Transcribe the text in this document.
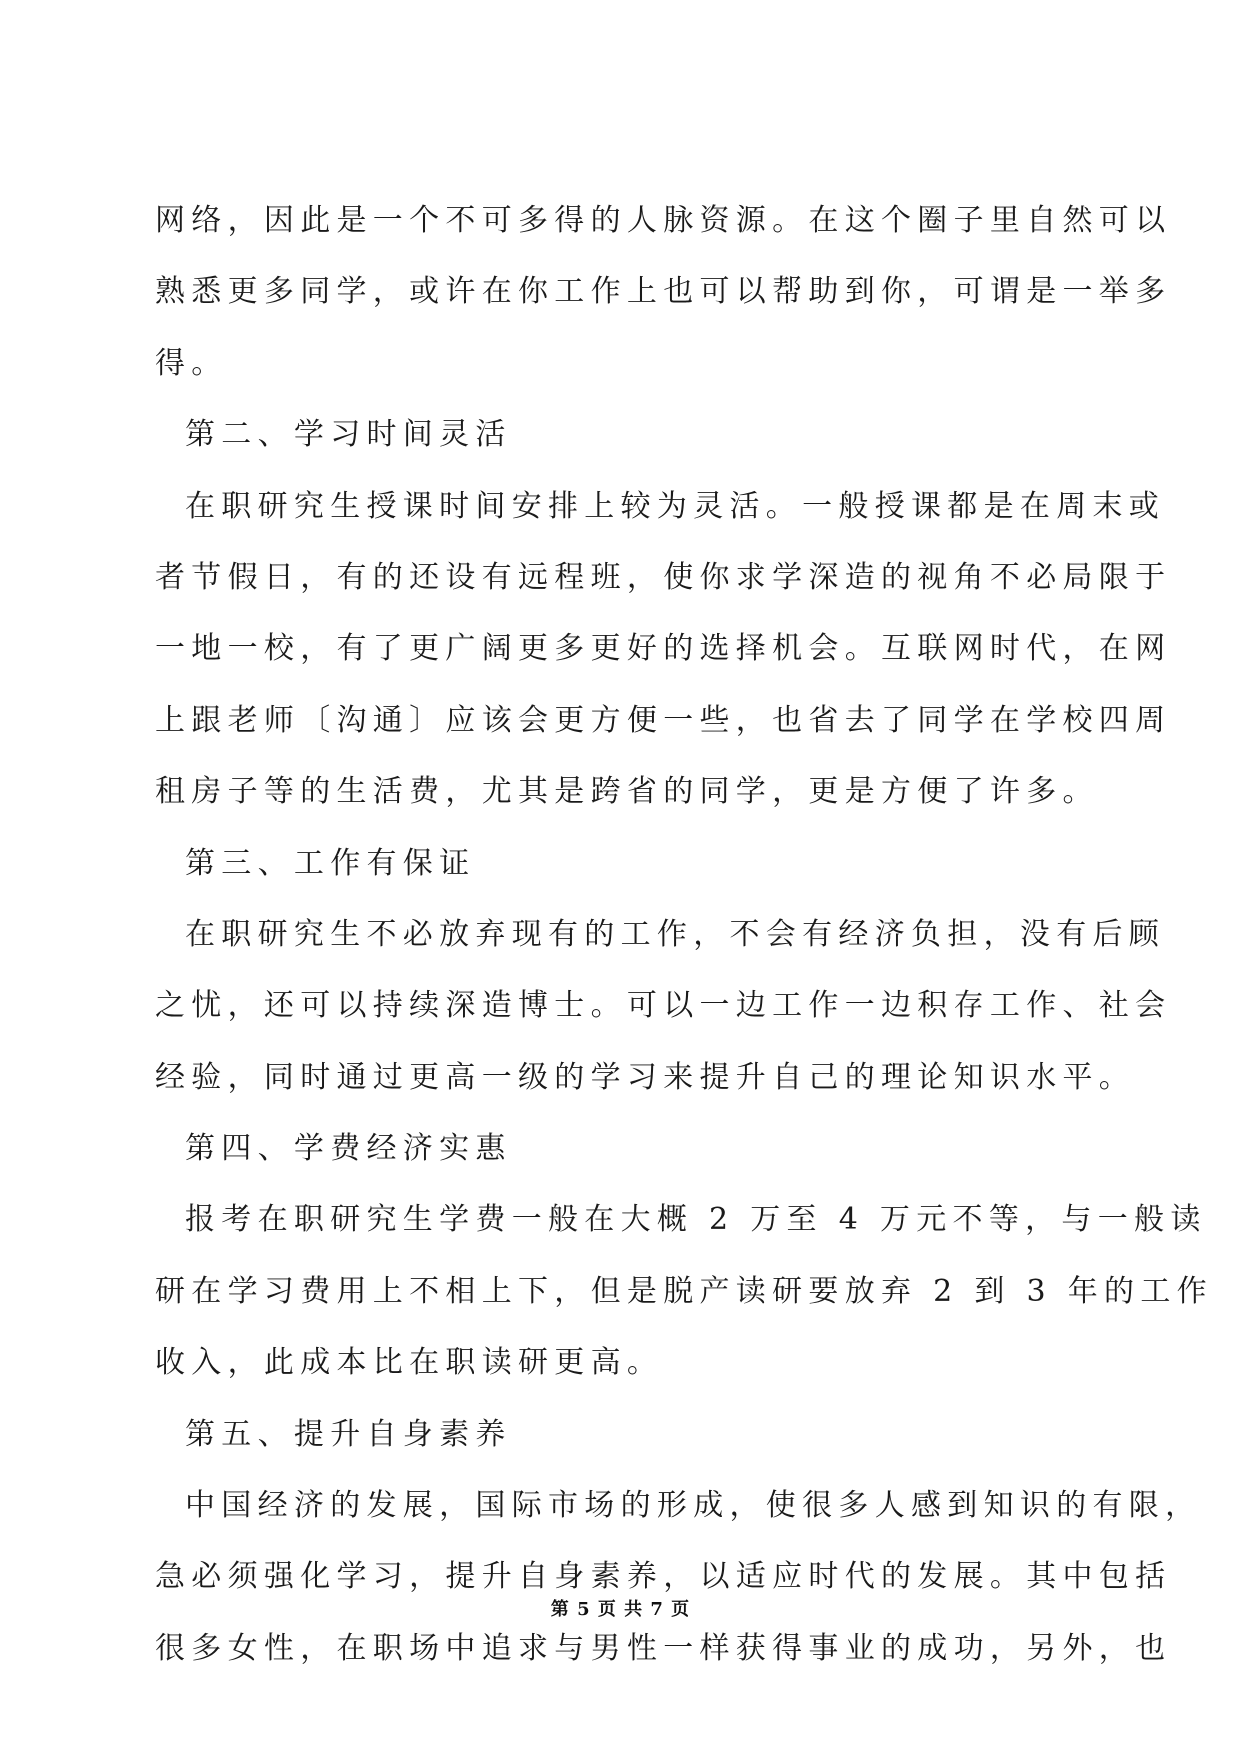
网络，因此是一个不可多得的人脉资源。在这个圈子里自然可以
熟悉更多同学，或许在你工作上也可以帮助到你，可谓是一举多
得。
第二、学习时间灵活
在职研究生授课时间安排上较为灵活。一般授课都是在周末或
者节假日，有的还设有远程班，使你求学深造的视角不必局限于
一地一校，有了更广阔更多更好的选择机会。互联网时代，在网
上跟老师〔沟通〕应该会更方便一些，也省去了同学在学校四周
租房子等的生活费，尤其是跨省的同学，更是方便了许多。
第三、工作有保证
在职研究生不必放弃现有的工作，不会有经济负担，没有后顾
之忧，还可以持续深造博士。可以一边工作一边积存工作、社会
经验，同时通过更高一级的学习来提升自己的理论知识水平。
第四、学费经济实惠
报考在职研究生学费一般在大概 2 万至 4 万元不等，与一般读
研在学习费用上不相上下，但是脱产读研要放弃 2 到 3 年的工作
收入，此成本比在职读研更高。
第五、提升自身素养
中国经济的发展，国际市场的形成，使很多人感到知识的有限，
急必须强化学习，提升自身素养，以适应时代的发展。其中包括
很多女性，在职场中追求与男性一样获得事业的成功，另外，也
第 5 页 共 7 页
